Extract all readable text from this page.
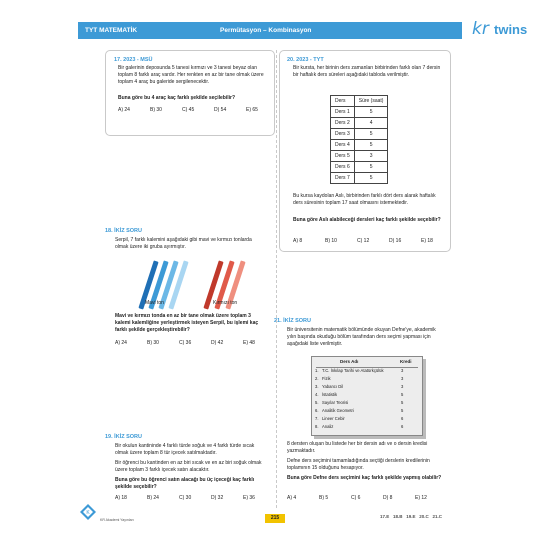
TYT MATEMATİK	Permütasyon – Kombinasyon	kr twins
17. 2023 - MSÜ
Bir galerinin deposunda 5 tanesi kırmızı ve 3 tanesi beyaz olan toplam 8 farklı araç vardır. Her renkten en az bir tane olmak üzere toplam 4 araç bu galeride sergilenecektir.
Buna göre bu 4 araç kaç farklı şekilde seçilebilir?
A) 24	B) 30	C) 45	D) 54	E) 65
20. 2023 - TYT
Bir kursta, her birinin ders zamanları birbirinden farklı olan 7 dersin bir haftalık ders süreleri aşağıdaki tabloda verilmiştir.
Ders	Süre (saat)
Ders 1	5
Ders 2	4
Ders 3	5
Ders 4	5
Ders 5	3
Ders 6	5
Ders 7	5
Bu kursa kaydolan Aslı, birbirinden farklı dört ders alarak haftalık ders süresinin toplam 17 saat olmasını istemektedir.
Buna göre Aslı alabileceği dersleri kaç farklı şekilde seçebilir?
A) 8	B) 10	C) 12	D) 16	E) 18
18. İKİZ SORU
Serpil, 7 farklı kalemini aşağıdaki gibi mavi ve kırmızı tonlarda olmak üzere iki gruba ayırmıştır.
Mavi ton	Kırmızı ton
Mavi ve kırmızı tonda en az bir tane olmak üzere toplam 3 kalemi kalemliğine yerleştirmek isteyen Serpil, bu işlemi kaç farklı şekilde gerçekleştirebilir?
A) 24	B) 30	C) 36	D) 42	E) 48
21. İKİZ SORU
Bir üniversitenin matematik bölümünde okuyan Defne'ye, akademik yılın başında okuduğu bölüm tarafından ders seçimi yapması için aşağıdaki liste verilmiştir.
Ders Adı	Kredi
1. T.C. İnkılap Tarihi ve Atatürkçülük	3
2. Fizik	3
3. Yabancı Dil	3
4. İstatistik	5
5. Sayılar Teorisi	5
6. Analitik Geometri	5
7. Lineer Cebir	6
8. Analiz	6
8 dersten oluşan bu listede her bir dersin adı ve o dersin kredisi yazmaktadır.
Defne ders seçimini tamamladığında seçtiği derslerin kredilerinin toplamının 15 olduğunu hesapıyor.
Buna göre Defne ders seçimini kaç farklı şekilde yapmış olabilir?
A) 4	B) 5	C) 6	D) 8	E) 12
19. İKİZ SORU
Bir okulun kantininde 4 farklı türde soğuk ve 4 farklı türde sıcak olmak üzere toplam 8 tür içecek satılmaktadır.
Bir öğrenci bu kantinden en az biri sıcak ve en az biri soğuk olmak üzere toplam 3 farklı içecek satın alacaktır.
Buna göre bu öğrenci satın alacağı bu üç içeceği kaç farklı şekilde seçebilir?
A) 18	B) 24	C) 30	D) 32	E) 36
K
KR Akademi Yayınları	215	17.E   18.B   19.E   20.C   21.C
